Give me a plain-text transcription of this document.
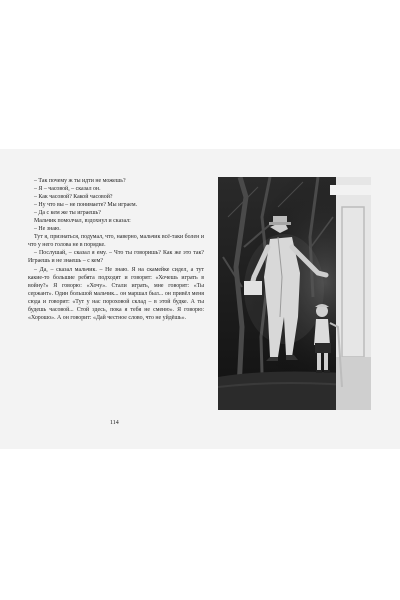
– Так почему ж ты идти не можешь?

– Я – часовой, – сказал он.

– Как часовой? Какой часовой?

– Ну что вы – не понимаете? Мы играем.

– Да с кем же ты играешь?

Мальчик помолчал, вздохнул и сказал:

– Не знаю.

Тут я, признаться, подумал, что, наверно, мальчик всё-таки болен и что у него голова не в порядке.

– Послушай, – сказал я ему. – Что ты говоришь? Как же это так? Играешь и не знаешь – с кем?

– Да, – сказал мальчик. – Не знаю. Я на скамейке сидел, а тут какие-то большие ребята подходят и говорят: «Хочешь играть в войну?» Я говорю: «Хочу». Стали играть, мне говорят: «Ты сержант». Один большой мальчик... он маршал был... он привёл меня сюда и говорит: «Тут у нас пороховой склад – в этой будке. А ты будешь часовой... Стой здесь, пока я тебя не сменю». Я говорю: «Хорошо». А он говорит: «Дай честное слово, что не уйдёшь».

114
